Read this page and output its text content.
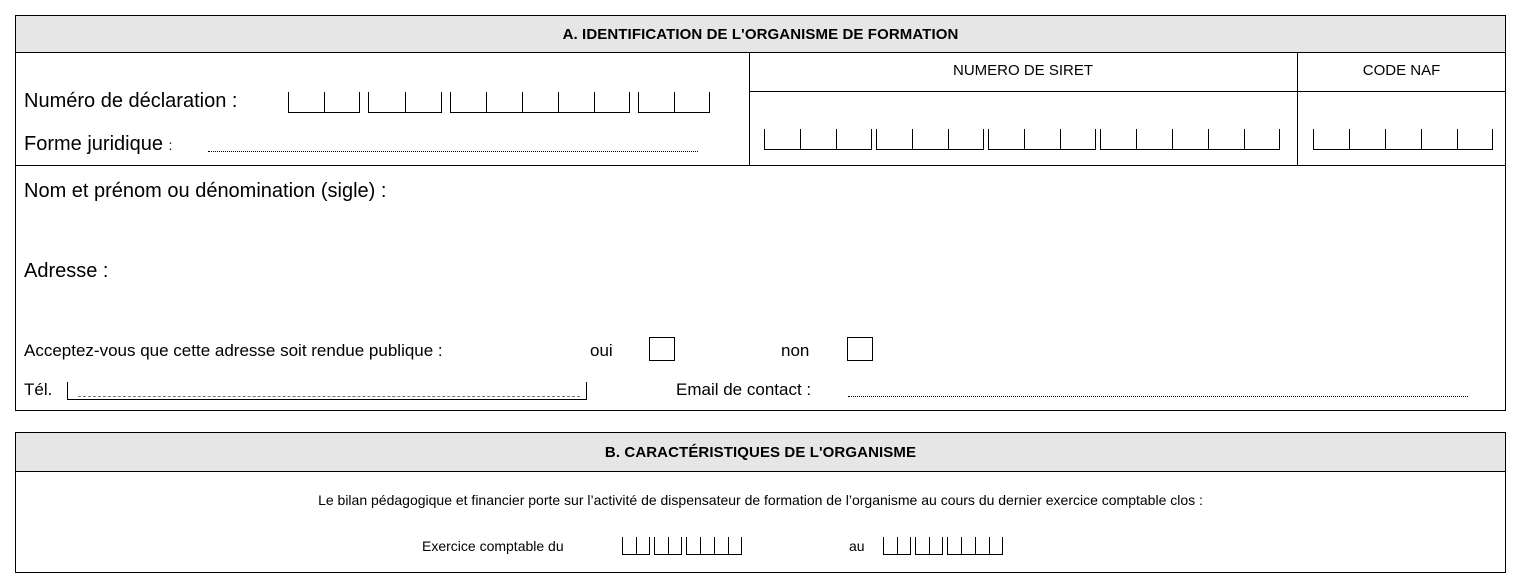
A. IDENTIFICATION DE L'ORGANISME DE FORMATION
NUMERO DE SIRET	CODE NAF
Numéro de déclaration :
Forme juridique :
Nom et prénom ou dénomination (sigle) :
Adresse :
Acceptez-vous que cette adresse soit rendue publique :	oui	non
Tél.	Email de contact :
B. CARACTÉRISTIQUES DE L'ORGANISME
Le bilan pédagogique et financier porte sur l’activité de dispensateur de formation de l’organisme au cours du dernier exercice comptable clos :
Exercice comptable du	au
